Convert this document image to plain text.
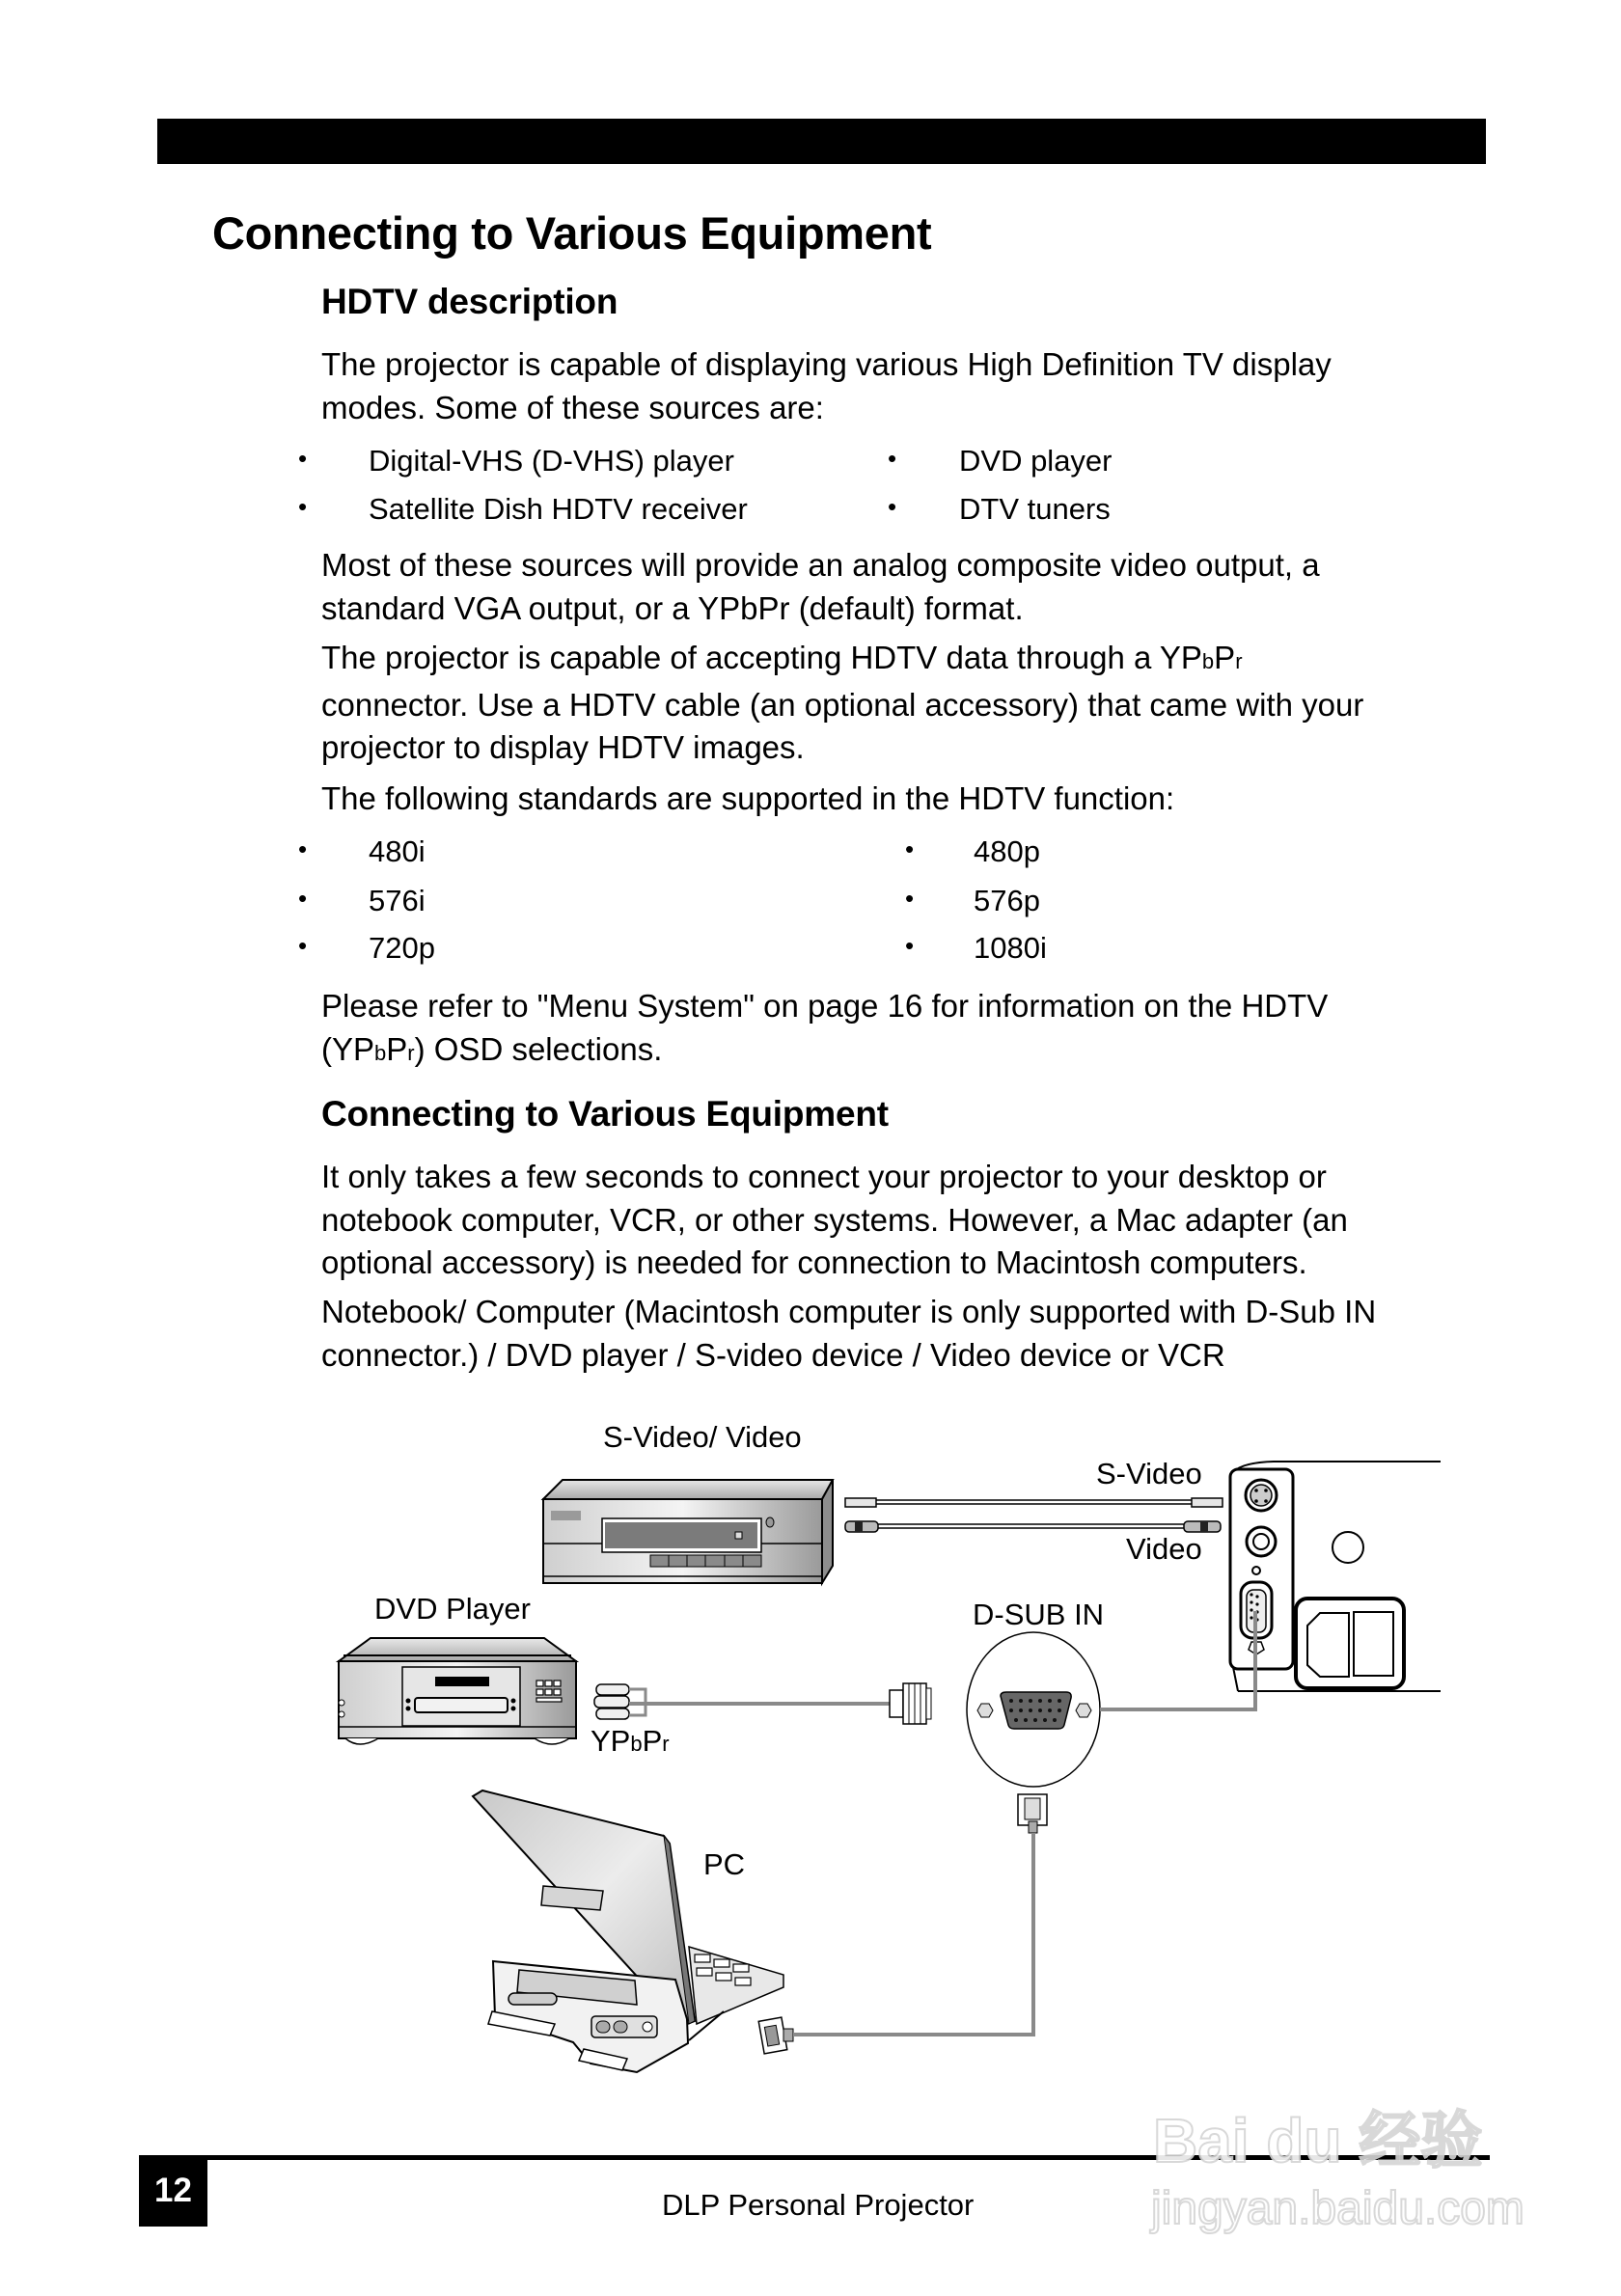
Connecting to Various Equipment
HDTV description
The projector is capable of displaying various High Definition TV display
modes. Some of these sources are:
• Digital-VHS (D-VHS) player
• Satellite Dish HDTV receiver
• DVD player
• DTV tuners
Most of these sources will provide an analog composite video output, a
standard VGA output, or a YPbPr (default) format.
The projector is capable of accepting HDTV data through a YPbPr
connector. Use a HDTV cable (an optional accessory) that came with your
projector to display HDTV images.
The following standards are supported in the HDTV function:
• 480i
• 576i
• 720p
• 480p
• 576p
• 1080i
Please refer to "Menu System" on page 16 for information on the HDTV
(YPbPr) OSD selections.
Connecting to Various Equipment
It only takes a few seconds to connect your projector to your desktop or
notebook computer, VCR, or other systems. However, a Mac adapter (an
optional accessory) is needed for connection to Macintosh computers.
Notebook/ Computer (Macintosh computer is only supported with D-Sub IN
connector.) / DVD player / S-video device / Video device or VCR
S-Video/ Video
S-Video
Video
DVD Player	D-SUB IN
YPbPr
PC
12	DLP Personal Projector
Bai du 经验
jingyan.baidu.com
